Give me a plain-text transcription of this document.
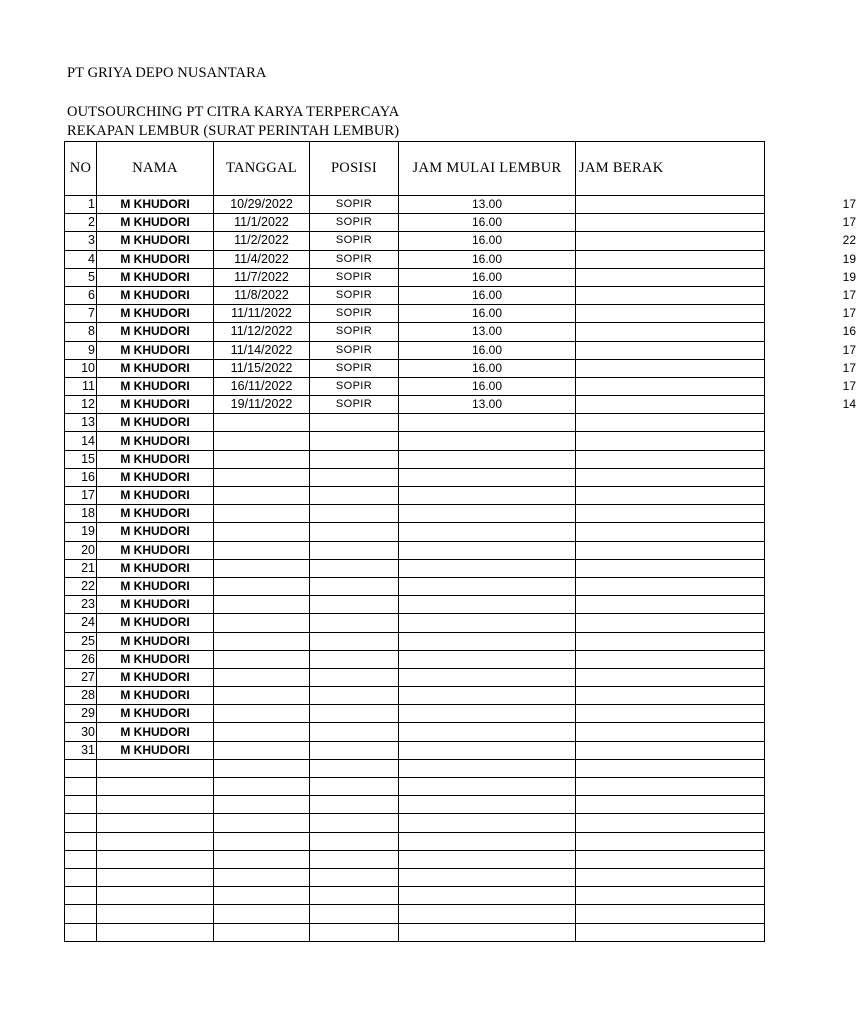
PT GRIYA DEPO NUSANTARA
OUTSOURCHING PT CITRA KARYA TERPERCAYA
REKAPAN LEMBUR (SURAT PERINTAH LEMBUR)
NO	NAMA	TANGGAL	POSISI	JAM MULAI LEMBUR	JAM BERAK
1	M KHUDORI	10/29/2022	SOPIR	13.00	17
2	M KHUDORI	11/1/2022	SOPIR	16.00	17
3	M KHUDORI	11/2/2022	SOPIR	16.00	22
4	M KHUDORI	11/4/2022	SOPIR	16.00	19
5	M KHUDORI	11/7/2022	SOPIR	16.00	19
6	M KHUDORI	11/8/2022	SOPIR	16.00	17
7	M KHUDORI	11/11/2022	SOPIR	16.00	17
8	M KHUDORI	11/12/2022	SOPIR	13.00	16
9	M KHUDORI	11/14/2022	SOPIR	16.00	17
10	M KHUDORI	11/15/2022	SOPIR	16.00	17
11	M KHUDORI	16/11/2022	SOPIR	16.00	17
12	M KHUDORI	19/11/2022	SOPIR	13.00	14
13	M KHUDORI				
14	M KHUDORI				
15	M KHUDORI				
16	M KHUDORI				
17	M KHUDORI				
18	M KHUDORI				
19	M KHUDORI				
20	M KHUDORI				
21	M KHUDORI				
22	M KHUDORI				
23	M KHUDORI				
24	M KHUDORI				
25	M KHUDORI				
26	M KHUDORI				
27	M KHUDORI				
28	M KHUDORI				
29	M KHUDORI				
30	M KHUDORI				
31	M KHUDORI				
